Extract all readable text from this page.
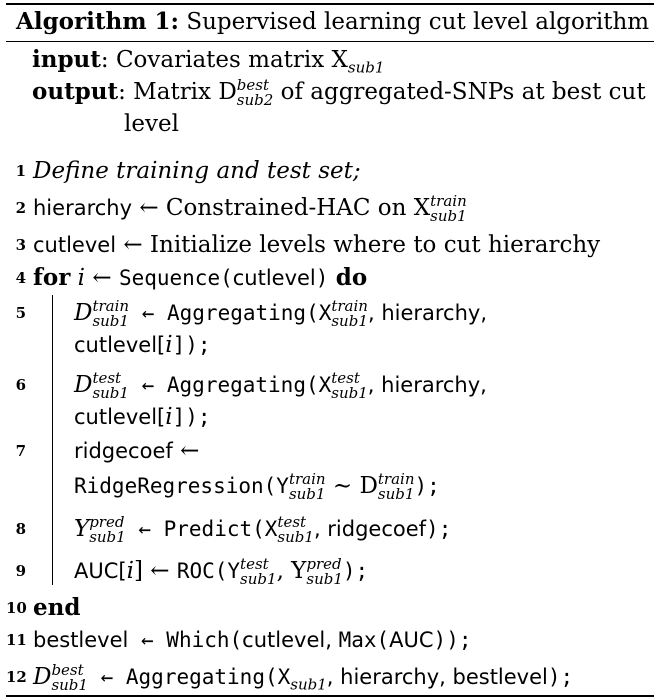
Algorithm 1: Supervised learning cut level algorithm
input: Covariates matrix $X_{sub1}$
output: Matrix D best
sub2 of aggregated-SNPs at best cut
level
1 Define training and test set;
2 hierarchy ← Constrained-HAC on X train
sub1
3 cutlevel ← Initialize levels where to cut hierarchy
4 for i ← Sequence(cutlevel) do
5 D train
sub1 ← Aggregating(X train
sub1 , hierarchy,
cutlevel[i]);
6 D test
sub1 ← Aggregating(X test
sub1 , hierarchy,
cutlevel[i]);
7 ridgecoef ←
RidgeRegression(Y train
sub1 ∼ D train
sub1 );
8 Y pred
sub1 ← Predict(X test
sub1 , ridgecoef);
9 AUC[i] ← ROC(Y test
sub1 , Y pred
sub1 );
10 end
11 bestlevel ← Which(cutlevel, Max(AUC));
12 D best
sub1 ← $Aggregating(X_{sub1}$, hierarchy, bestlevel);
